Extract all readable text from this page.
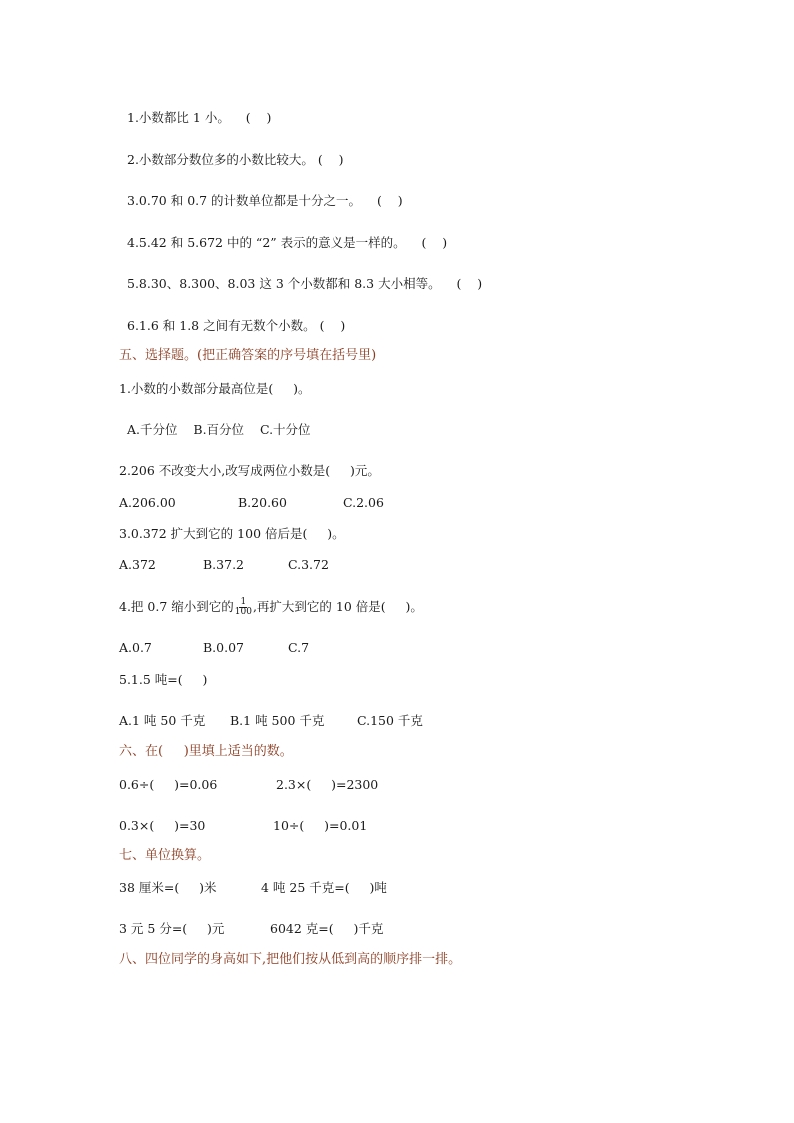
1.小数都比 1 小。    (    )
2.小数部分数位多的小数比较大。 (    )
3.0.70 和 0.7 的计数单位都是十分之一。    (    )
4.5.42 和 5.672 中的 “2” 表示的意义是一样的。    (    )
5.8.30、8.300、8.03 这 3 个小数都和 8.3 大小相等。    (    )
6.1.6 和 1.8 之间有无数个小数。 (    )
五、选择题。(把正确答案的序号填在括号里)
1.小数的小数部分最高位是(     )。
A.千分位    B.百分位    C.十分位
2.206 不改变大小,改写成两位小数是(     )元。
A.206.00	B.20.60	C.2.06
3.0.372 扩大到它的 100 倍后是(     )。
A.372	B.37.2	C.3.72
4.把 0.7 缩小到它的 $\frac{1}{100}$ ,再扩大到它的 10 倍是(     )。
A.0.7	B.0.07	C.7
5.1.5 吨=(     )
A.1 吨 50 千克 B.1 吨 500 千克	C.150 千克
六、在(     )里填上适当的数。
0.6÷(     )=0.06	2.3×(     )=2300
0.3×(     )=30	10÷(     )=0.01
七、单位换算。
38 厘米=(     )米	4 吨 25 千克=(     )吨
3 元 5 分=(     )元	6042 克=(     )千克
八、四位同学的身高如下,把他们按从低到高的顺序排一排。
